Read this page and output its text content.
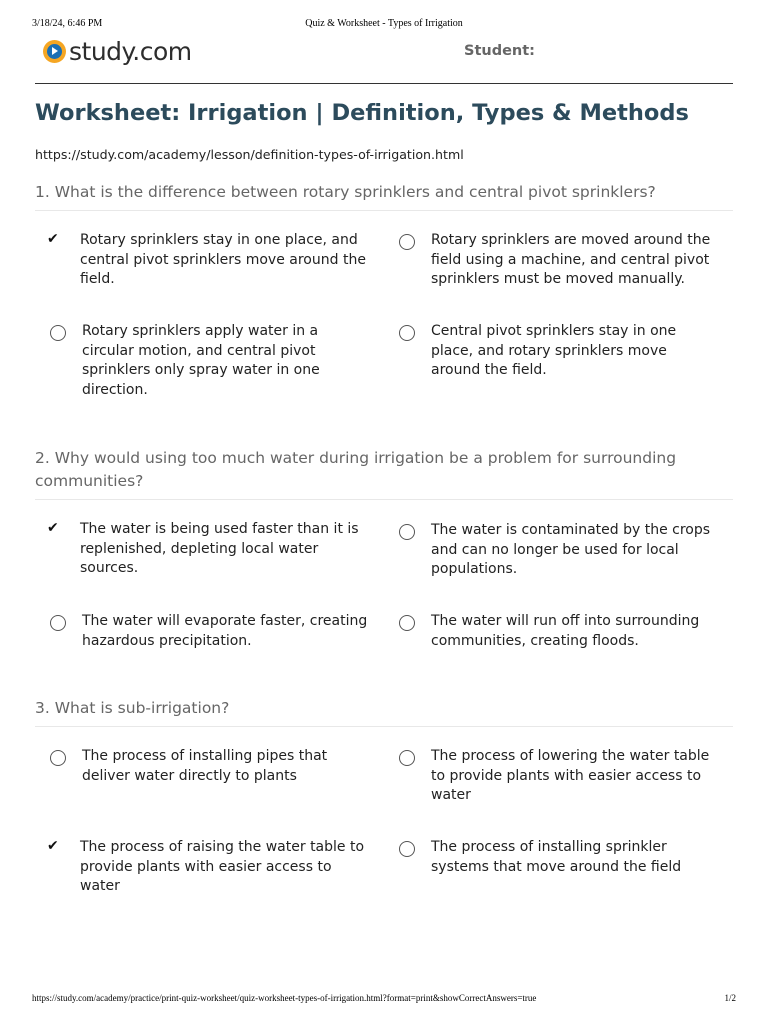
3/18/24, 6:46 PM	Quiz & Worksheet - Types of Irrigation
study.com	Student:
Worksheet: Irrigation | Definition, Types & Methods
https://study.com/academy/lesson/definition-types-of-irrigation.html
1. What is the difference between rotary sprinklers and central pivot sprinklers?
✔	Rotary sprinklers stay in one place, and central pivot sprinklers move around the field.
Rotary sprinklers are moved around the field using a machine, and central pivot sprinklers must be moved manually.
Rotary sprinklers apply water in a circular motion, and central pivot sprinklers only spray water in one direction.
Central pivot sprinklers stay in one place, and rotary sprinklers move around the field.
2. Why would using too much water during irrigation be a problem for surrounding communities?
✔	The water is being used faster than it is replenished, depleting local water sources.
The water is contaminated by the crops and can no longer be used for local populations.
The water will evaporate faster, creating hazardous precipitation.
The water will run off into surrounding communities, creating floods.
3. What is sub-irrigation?
The process of installing pipes that deliver water directly to plants
The process of lowering the water table to provide plants with easier access to water
✔	The process of raising the water table to provide plants with easier access to water
The process of installing sprinkler systems that move around the field
https://study.com/academy/practice/print-quiz-worksheet/quiz-worksheet-types-of-irrigation.html?format=print&showCorrectAnswers=true	1/2
